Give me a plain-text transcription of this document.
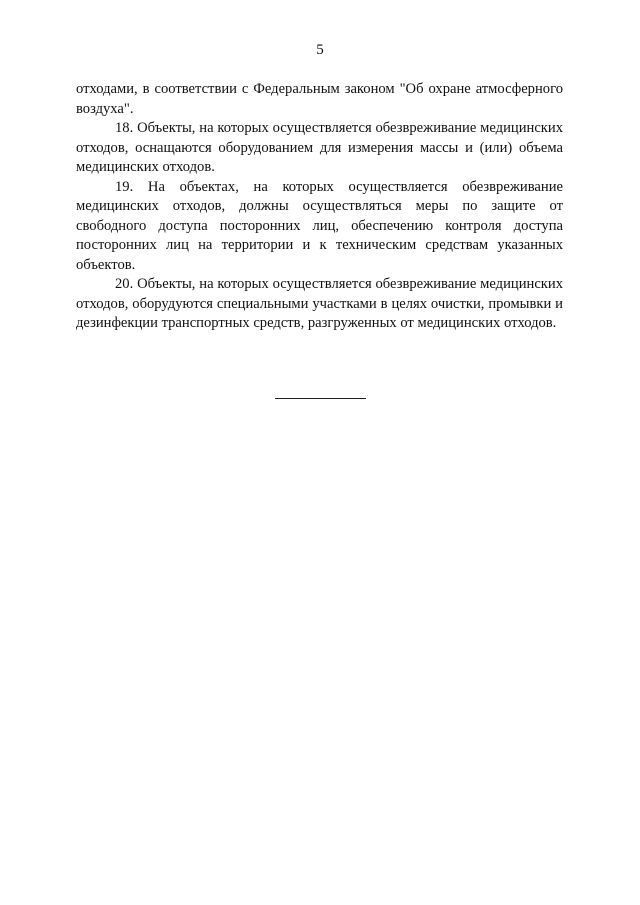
5

отходами, в соответствии с Федеральным законом "Об охране атмосферного воздуха".

18. Объекты, на которых осуществляется обезвреживание медицинских отходов, оснащаются оборудованием для измерения массы и (или) объема медицинских отходов.

19. На объектах, на которых осуществляется обезвреживание медицинских отходов, должны осуществляться меры по защите от свободного доступа посторонних лиц, обеспечению контроля доступа посторонних лиц на территории и к техническим средствам указанных объектов.

20. Объекты, на которых осуществляется обезвреживание медицинских отходов, оборудуются специальными участками в целях очистки, промывки и дезинфекции транспортных средств, разгруженных от медицинских отходов.
